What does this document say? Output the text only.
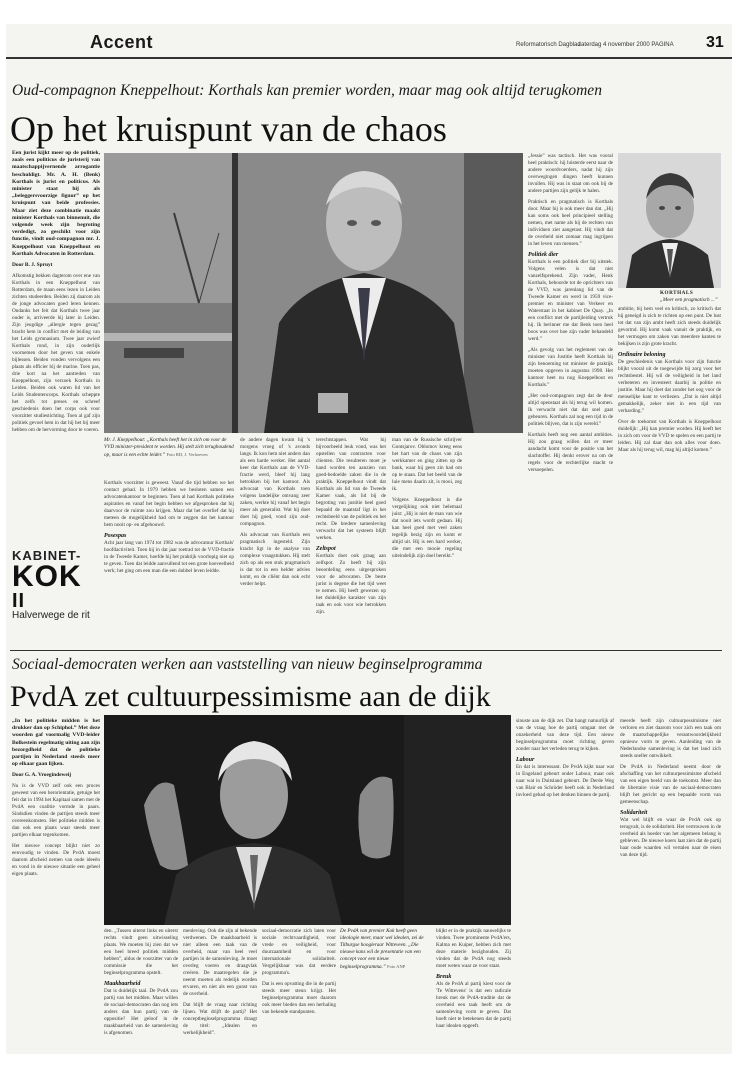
Accent	Reformatorisch Dagblad
zaterdag 4 november 2000 PAGINA 31
Oud-compagnon Kneppelhout: Korthals kan premier worden, maar mag ook altijd terugkomen
Op het kruispunt van de chaos

Een jurist kijkt meer op de politiek, zoals een politicus de juristerij van maatschappijvernende arrogantie beschuldigt. Mr. A. H. (Benk) Korthals is jurist en politicus. Als minister staat hij als „beleggersvoorzige figuur” op het kruispunt van beide professies. Maar ziet deze combinatie maakt minister Korthals van binnenuit, die volgende week zijn begroting verdedigt, zo geschikt voor zijn functie, vindt oud-compagnon mr. J. Kneppelhout van Kneppelhout en Korthals Advocaten in Rotterdam.

Door B. J. Spruyt

Afkomstig bekken dagterom over ene van Korthals in een Kneppelhout van Rotterdam, de maan eens lezen in Leiden zichten studeerden. Beiden zij daarom als de jonge advocaten goed leren kennen. Ondanks het feit dat Korthals twee jaar ouder is, arriveerde hij later in Leiden. Zijn jeugdige „allergie tegen gezag” bracht hem in conflict met de leiding van het Leids gymnasium. Twee jaar zwierf Korthals rond, in zijn ouderlijk voornemen door het geven van enkele bijlessen. Beiden vonden vervolgens een plaats als officier bij de marine. Toen pas, drie kort na het aantreden van Kneppelhout, zijn verzoek Korthals in Leiden. Beiden ook waren lid van het Leids Studentencorps. Korthals scheppte het zelfs tot preses en schreef geschiedenis doen het corps ook voor voorzitter studiestichting. Toen al gaf zijn politiek gevoel hem in dat hij het bij meer hebben om de hervorming door te voeren.

Mr. J. Kneppelhout: „Korthals heeft het in zich om voor de VVD minister-president te worden. Hij stelt zich terughoudend op, maar is een echte leider.” Foto RD, J. Verhoeven

Korthals voorzitter is geweest. Vanaf die tijd hebben we het contact gehad. In 1979 hebben we besloten samen een advocatenkantoor te beginnen. Toen al had Korthals politieke aspiraties en vanaf het begin hebben we afgesproken dat hij daarvoor de ruimte zou krijgen. Maar dat het overlief dat hij meteen de mogelijkheid had om te zeggen dat het kantoor hem nooit op- en afgehouwd.

Posespas

Acht jaar lang van 1974 tot 1982 was de advocatuur Korthals' hoofdactiviteit. Toen hij in dat jaar toetrad tot de VVD-fractie in de Tweede Kamer, hoefde hij het praktijk voorlopig niet op te geven. Toen dat leidde aanvullend tot een grote hoeveelheid werk; het ging om een man die een dubbel leven leidde.

de andere dagen kwam hij 's morgens vroeg of 's avonds langs. Ik kon hem niet anders dan als een harde werker. Het aantal keer dat Korthals aan de VVD-fractie werd, bleef hij lang betrokken bij het kantoor. Als advocaat van Korthals toen volgens landelijke omvang zeer zaken, werkte hij vanaf het begin meer als generalist. Wat hij doet doet hij goed, vond zijn oud-compagnon.

Als advocaat van Korthals een pragmatisch ingesteld. Zijn kracht ligt in de analyse van complexe vraagstukken. Hij stelt zich op als een stuk pragmatisch is dat tot in een helder advies komt, en de cliënt dan ook echt verder helpt.

terechtstappen. Wat hij bijvoorbeeld leuk vond, was het opstellen van contracten voor clienten. Die resulteren moet je hand worden ten aanzien van goed-bedoelde zaken die in de praktijk. Kneppelhout vindt dat Korthals als lid van de Tweede Kamer vaak, als lid bij de begroting van justitie heel goed bepaald de maatstaf ligt in het rechtsbeeld van de politiek en het recht. De bredere samenleving verwacht dat het systeem blijft werken.

Zeltspot

Korthals doet ook graag aan zelfspot. Zo heeft hij zijn beoordeling eens uitgesproken voor de advocaten. De beste jurist is degene die het tijd weet te nemen. Hij heeft gewezen op het duidelijke karakter van zijn taak en ook voor wie betrokken zijn.

man van de Russische schrijver Gontsjarov. Oblomov kreeg eens het hart van de chaos van zijn werkkamer en ging zitten op de bank, waar hij geen zin had om op te staan. Dat het beeld van de luie mens daarin zit, is mooi, zeg ik.

Volgens Kneppelhout is die vergelijking ook niet helemaal juist: „Hij is niet de man van wie dat nooit iets wordt gedaan. Hij kan heel goed met veel zaken tegelijk bezig zijn en komt er altijd uit. Hij is een hard werker, die met een mooie regeling uiteindelijk zijn doel bereikt.”

„Jessie” was tactisch. Het was vooral heel praktisch: hij luisterde eerst naar de andere woordvoerders, nadat hij zijn overwegingen dingen heeft kunnen invullen. Hij was in staat om ook bij de andere partijen zijn gelijk te halen.

Praktisch en pragmatisch is Korthals door. Maar hij is ook meer dan dat. „Hij kan soms ook heel principieel stelling nemen, met name als hij de rechten van individuen ziet aangetast. Hij vindt dat de overheid niet zomaar mag ingrijpen in het leven van mensen.”

Politiek dier

Korthals is een politiek dier bij uitstek. Volgens velen is dat niet vanzelfsprekend. Zijn vader, Henk Korthals, behoorde tot de oprichters van de VVD, was jarenlang lid van de Tweede Kamer en werd in 1959 vice-premier en minister van Verkeer en Waterstaat in het kabinet De Quay. „In een conflict met de partijleiding vertrok hij. Ik herinner me dat Benk toen heel boos was over hoe zijn vader behandeld werd.”

„Als gevolg van het reglement van de minister van Justitie heeft Korthals bij zijn benoeming tot minister de praktijk moeten opgeven in augustus 1998. Het kantoor heet nu nog Kneppelhout en Korthals.”

„Het oud-compagnon zegt dat de deur altijd openstaat als hij terug wil komen. Ik verwacht niet dat dat snel gaat gebeuren. Korthals zal nog een tijd in de politiek blijven, dat is zijn wereld.”

Korthals heeft nog een aantal ambities. Hij zou graag willen dat er meer aandacht komt voor de positie van het slachtoffer. Hij denkt erover na om de regels voor de rechterlijke macht te versoepelen.

KORTHALS
„Meer een pragmatisch ...”

ambitie, bij hem veel en kritisch, zo kritisch dat hij geneigd is zich te richten op een punt. De lust tot dat van zijn ambt heeft zich steeds duidelijk gevormd. Hij komt vaak vanuit de praktijk, en het vermogen om zaken van meerdere kanten te bekijken is zijn grote kracht.

Ordinaire beloning

De geschiedenis van Korthals voor zijn functie blijkt vooral uit de toegewijde bij zorg voor het rechtsbestel. Hij wil de veiligheid in het land verbeteren en investeert daarbij in politie en justitie. Maar hij doet dat zonder het oog voor de menselijke kant te verliezen. „Dat is niet altijd gemakkelijk, zeker niet in een tijd van verharding.”

Over de toekomst van Korthals is Kneppelhout duidelijk: „Hij kan premier worden. Hij heeft het in zich om voor de VVD te spelen en een partij te leiden. Hij zal daar dan ook alles voor doen. Maar als hij terug wil, mag hij altijd komen.”

KABINET-
KOK
II
Halverwege de rit
Sociaal-democraten werken aan vaststelling van nieuw beginselprogramma
PvdA zet cultuurpessimisme aan de dijk

„In het politieke midden is het drukker dan op Schiphol.” Met deze woorden gaf voormalig VVD-leider Bolkestein regelmatig uiting aan zijn bezorgdheid dat de politieke partijen in Nederland steeds meer op elkaar gaan lijken.

Door G. A. Vroegindeweij

Nu is de VVD zelf ook een proces geweest van een herorientatie, getuige het feit dat in 1994 het Kapitaal samen met de PvdA een coalitie vormde in paars. Sindsdien vinden de partijen steeds meer overeenkomsten. Het politieke midden is dan ook een plaats waar steeds meer partijen elkaar tegenkomen.

Het nieuwe concept blijkt niet zo eenvoudig te vinden. De PvdA moest daarom afscheid nemen van oude ideeën en vond in de nieuwe situatie een geheel eigen plaats.

De PvdA van premier Kok heeft geen ideologie meer, maar wel idealen, zei de Tilburgse hoogleraar Witteveen. „Die nieuwe kans wil de presentatie van een concept voor een nieuw beginselprogramma.” Foto ANP

den. „Tussen uiterst links en uiterst rechts vindt geen uitwisseling plaats. We moeten bij zien dat we een heel breed politiek midden hebben”, aldus de voorzitter van de commissie die het beginselprogramma opstelt.

Maakbaarheid

Dat is duidelijk taal. De PvdA zou partij van het midden. Maar willen de sociaal-democraten dan nog iets anders dan hun partij van de oppositie? Het geloof in de maakbaarheid van de samenleving is afgenomen.

menleving. Ook die zijn al bekende verdwenen. De maakbaarheid is niet alleen een taak van de overheid, maar van heel veel partijen in de samenleving. Je moet overleg voeren en draagvlak creëren. De maatregelen die je neemt moeten als redelijk worden ervaren, en niet als een gunst van de overheid.

Dat blijft de vraag naar richting lijnen. Wat drijft de partij? Het conceptbeginselprogramma draagt de titel: „Idealen en werkelijkheid”.

sociaal-democratie zich laten voor sociale rechtvaardigheid, voor vrede en veiligheid, voor duurzaamheid en voor internationale solidariteit. Vergelijkbaar was dat eerdere programma's.

Dat is een opvatting die in de partij steeds meer steun krijgt. Het beginselprogramma moet daarom ook meer bieden dan een herhaling van bekende standpunten.

blijkt er in de praktijk nauwelijks te vinden. Twee prominente PvdA'ers, Kalma en Kuiper, hebben zich met deze materie bezighouden. Zij vinden dat de PvdA nog steeds moet weten waar ze voor staat.

Breuk

Als de PvdA al partij kiest voor de 'Te Wittevens' is dat een radicale breuk met de PvdA-traditie dat de overheid een taak heeft om de samenleving vorm te geven. Dat hoeft niet te betekenen dat de partij haar idealen opgeeft.

sinuste aan de dijk zet. Dat hangt natuurlijk af van de vraag hoe de partij omgaat met de onzekerheid van deze tijd. Een nieuw beginselprogramma moet richting geven zonder naar het verleden terug te kijken.

Labour

En dat is interessant. De PvdA kijkt naar wat in Engeland gebeurt onder Labour, maar ook naar wat in Duitsland gebeurt. De Derde Weg van Blair en Schröder heeft ook in Nederland invloed gehad op het denken binnen de partij.

meerde heeft zijn cultuurpessimisme niet verloren en ziet daarom voor zich een taak om de maatschappelijke verantwoordelijkheid opnieuw vorm te geven. Aanleiding van de Nederlandse samenleving is dat het land zich steeds sneller ontwikkelt.

De PvdA in Nederland neemt door de afschaffing van het cultuurpessimisme afscheid van een eigen beeld van de toekomst. Meer dan de libertaire visie van de sociaal-democraten blijft het gericht op een bepaalde vorm van gemeenschap.

Solidariteit

Wat wel blijft en waar de PvdA ook op terugvalt, is de solidariteit. Het vertrouwen in de overheid als hoeder van het algemeen belang is gebleven. De nieuwe koers laat zien dat de partij haar oude waarden wil vertalen naar de eisen van deze tijd.
